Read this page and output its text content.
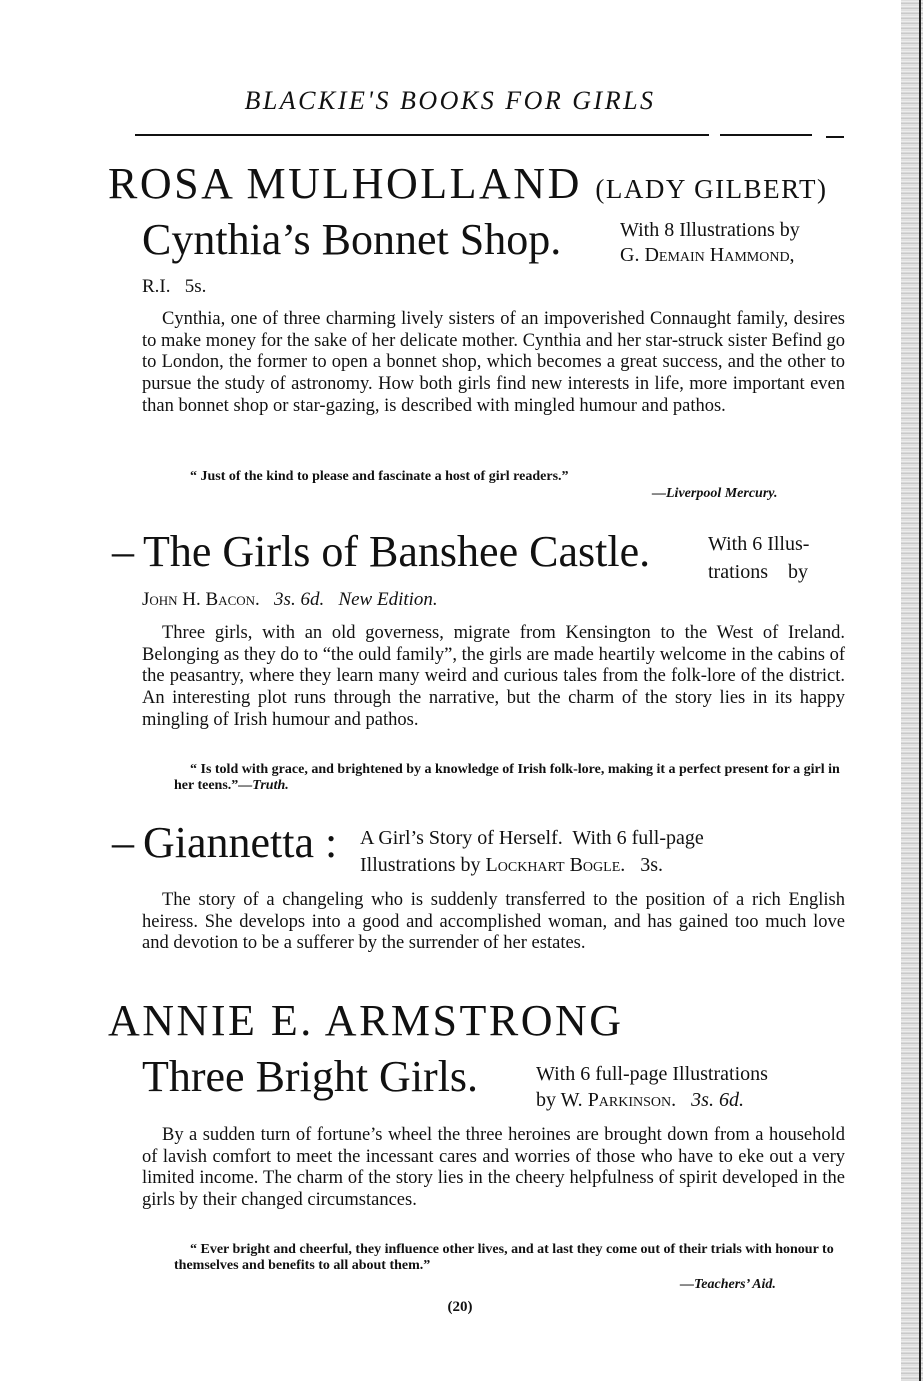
BLACKIE'S BOOKS FOR GIRLS
ROSA MULHOLLAND (LADY GILBERT)
Cynthia’s Bonnet Shop.	With 8 Illustrations by
G. Demain Hammond,
R.I. 5s.
Cynthia, one of three charming lively sisters of an impoverished Connaught family, desires to make money for the sake of her delicate mother. Cynthia and her star-struck sister Befind go to London, the former to open a bonnet shop, which becomes a great success, and the other to pursue the study of astronomy. How both girls find new interests in life, more important even than bonnet shop or star-gazing, is described with mingled humour and pathos.
“ Just of the kind to please and fascinate a host of girl readers.”
—Liverpool Mercury.
– The Girls of Banshee Castle.	With 6 Illus-
trations    by
John H. Bacon. 3s. 6d. New Edition.
Three girls, with an old governess, migrate from Kensington to the West of Ireland. Belonging as they do to “the ould family”, the girls are made heartily welcome in the cabins of the peasantry, where they learn many weird and curious tales from the folk-lore of the district. An interesting plot runs through the narrative, but the charm of the story lies in its happy mingling of Irish humour and pathos.
“ Is told with grace, and brightened by a knowledge of Irish folk-lore, making it a perfect present for a girl in her teens.”—Truth.
– Giannetta : A Girl’s Story of Herself.  With 6 full-page
Illustrations by Lockhart Bogle. 3s.
The story of a changeling who is suddenly transferred to the position of a rich English heiress. She develops into a good and accomplished woman, and has gained too much love and devotion to be a sufferer by the surrender of her estates.
ANNIE E. ARMSTRONG
Three Bright Girls.	With 6 full-page Illustrations
by W. Parkinson. 3s. 6d.
By a sudden turn of fortune’s wheel the three heroines are brought down from a household of lavish comfort to meet the incessant cares and worries of those who have to eke out a very limited income. The charm of the story lies in the cheery helpfulness of spirit developed in the girls by their changed circumstances.
“ Ever bright and cheerful, they influence other lives, and at last they come out of their trials with honour to themselves and benefits to all about them.”
—Teachers’ Aid.
(20)
